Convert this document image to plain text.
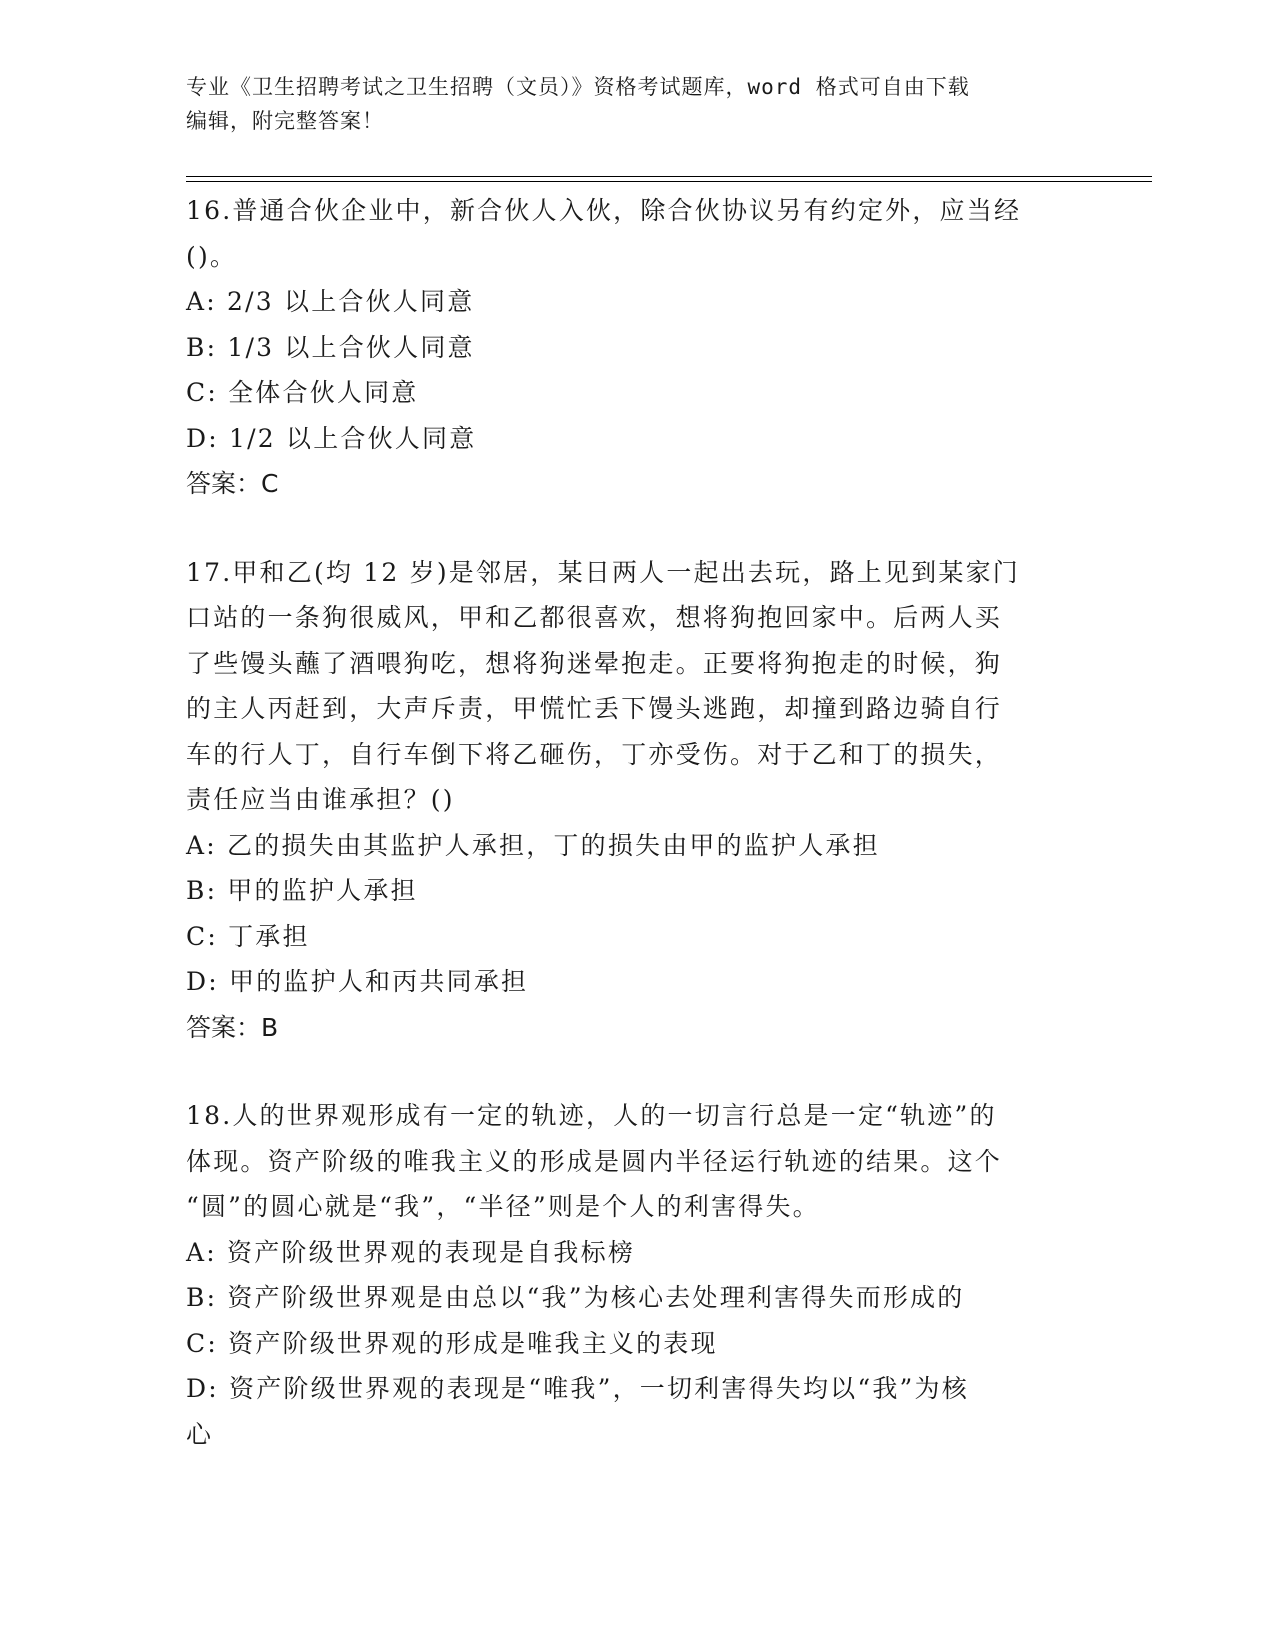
专业《卫生招聘考试之卫生招聘（文员）》资格考试题库，word 格式可自由下载
编辑，附完整答案！

16.普通合伙企业中，新合伙人入伙，除合伙协议另有约定外，应当经

()。

A: 2/3 以上合伙人同意

B: 1/3 以上合伙人同意

C: 全体合伙人同意

D: 1/2 以上合伙人同意

答案：C

17.甲和乙(均 12 岁)是邻居，某日两人一起出去玩，路上见到某家门

口站的一条狗很威风，甲和乙都很喜欢，想将狗抱回家中。后两人买

了些馒头蘸了酒喂狗吃，想将狗迷晕抱走。正要将狗抱走的时候，狗

的主人丙赶到，大声斥责，甲慌忙丢下馒头逃跑，却撞到路边骑自行

车的行人丁，自行车倒下将乙砸伤，丁亦受伤。对于乙和丁的损失，

责任应当由谁承担？()

A: 乙的损失由其监护人承担，丁的损失由甲的监护人承担

B: 甲的监护人承担

C: 丁承担

D: 甲的监护人和丙共同承担

答案：B

18.人的世界观形成有一定的轨迹，人的一切言行总是一定“轨迹”的

体现。资产阶级的唯我主义的形成是圆内半径运行轨迹的结果。这个

“圆”的圆心就是“我”，“半径”则是个人的利害得失。

A: 资产阶级世界观的表现是自我标榜

B: 资产阶级世界观是由总以“我”为核心去处理利害得失而形成的

C: 资产阶级世界观的形成是唯我主义的表现

D: 资产阶级世界观的表现是“唯我”，一切利害得失均以“我”为核

心
